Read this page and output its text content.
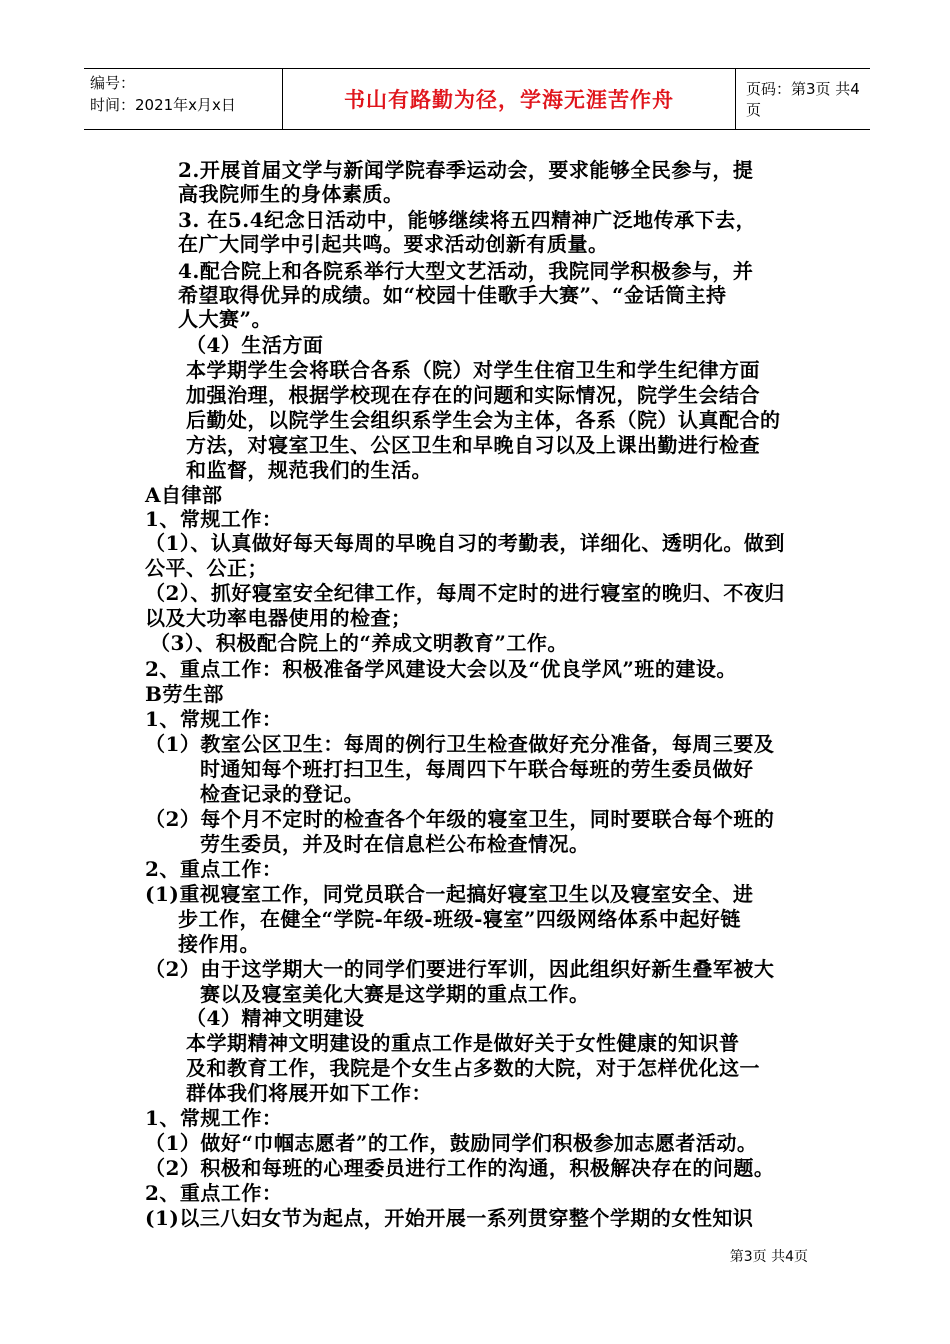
编号：
时间：2021年x月x日	书山有路勤为径，学海无涯苦作舟	页码：第3页 共4页
2.开展首届文学与新闻学院春季运动会，要求能够全民参与，提
高我院师生的身体素质。
3. 在5.4纪念日活动中，能够继续将五四精神广泛地传承下去，
在广大同学中引起共鸣。要求活动创新有质量。
4.配合院上和各院系举行大型文艺活动，我院同学积极参与，并
希望取得优异的成绩。如“校园十佳歌手大赛”、“金话筒主持
人大赛”。
（4）生活方面
本学期学生会将联合各系（院）对学生住宿卫生和学生纪律方面
加强治理，根据学校现在存在的问题和实际情况，院学生会结合
后勤处，以院学生会组织系学生会为主体，各系（院）认真配合的
方法，对寝室卫生、公区卫生和早晚自习以及上课出勤进行检查
和监督，规范我们的生活。
A自律部
1、常规工作：
（1）、认真做好每天每周的早晚自习的考勤表，详细化、透明化。做到
公平、公正；
（2）、抓好寝室安全纪律工作，每周不定时的进行寝室的晚归、不夜归
以及大功率电器使用的检查；
（3）、积极配合院上的“养成文明教育”工作。
2、重点工作：积极准备学风建设大会以及“优良学风”班的建设。
B劳生部
1、常规工作：
（1）教室公区卫生：每周的例行卫生检查做好充分准备，每周三要及
时通知每个班打扫卫生，每周四下午联合每班的劳生委员做好
检查记录的登记。
（2）每个月不定时的检查各个年级的寝室卫生，同时要联合每个班的
劳生委员，并及时在信息栏公布检查情况。
2、重点工作：
(1)重视寝室工作，同党员联合一起搞好寝室卫生以及寝室安全、进
步工作，在健全“学院-年级-班级-寝室”四级网络体系中起好链
接作用。
（2）由于这学期大一的同学们要进行军训，因此组织好新生叠军被大
赛以及寝室美化大赛是这学期的重点工作。
（4）精神文明建设
本学期精神文明建设的重点工作是做好关于女性健康的知识普
及和教育工作，我院是个女生占多数的大院，对于怎样优化这一
群体我们将展开如下工作：
1、常规工作：
（1）做好“巾帼志愿者”的工作，鼓励同学们积极参加志愿者活动。
（2）积极和每班的心理委员进行工作的沟通，积极解决存在的问题。
2、重点工作：
(1)以三八妇女节为起点，开始开展一系列贯穿整个学期的女性知识
第3页 共4页
